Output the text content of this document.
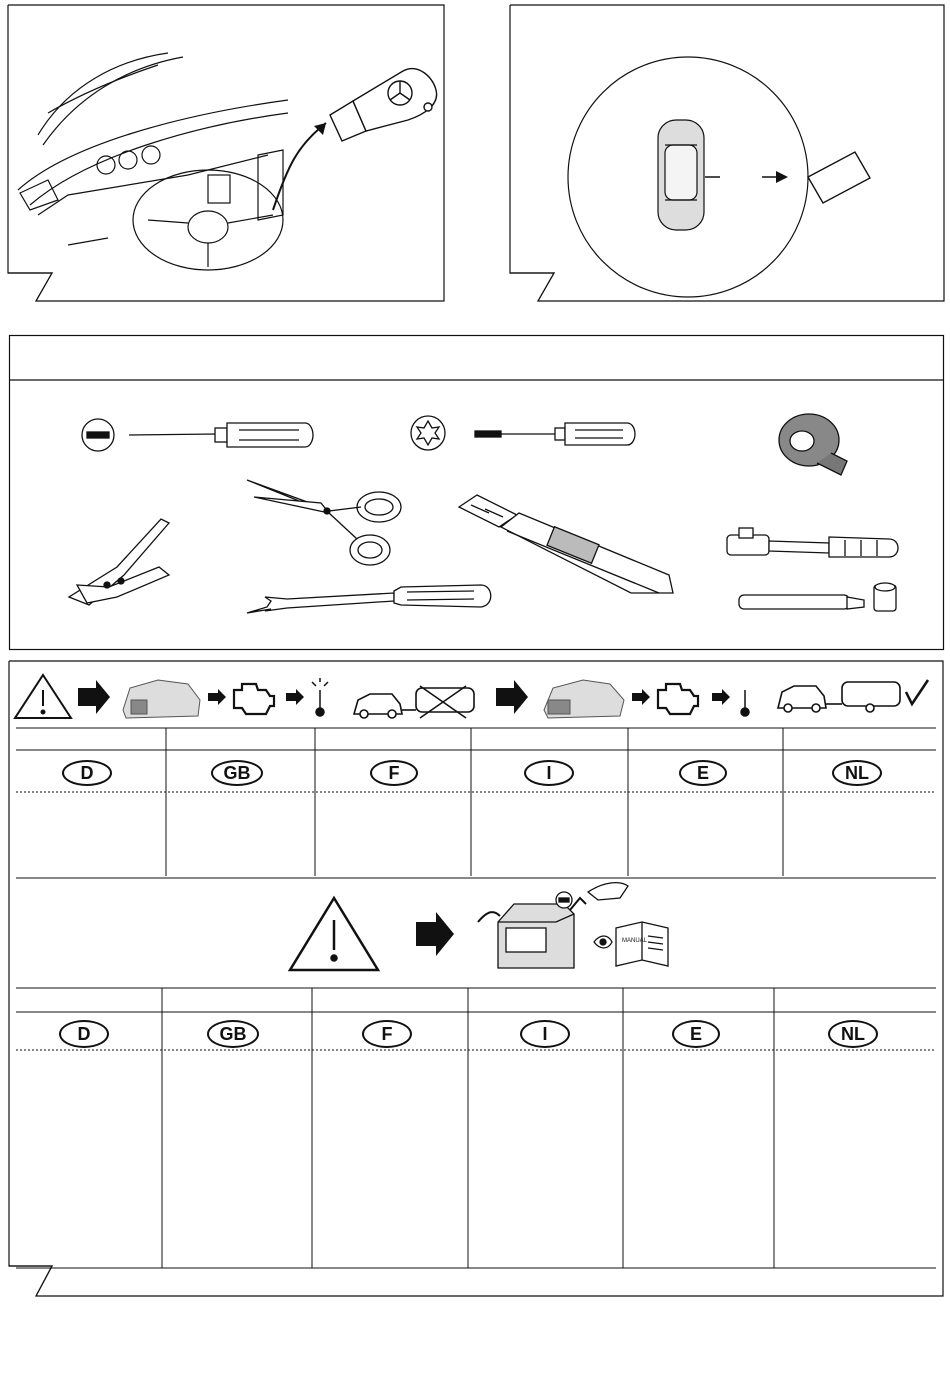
MANUAL
D	GB	F	I	E	NL
D	GB	F	I	E	NL
